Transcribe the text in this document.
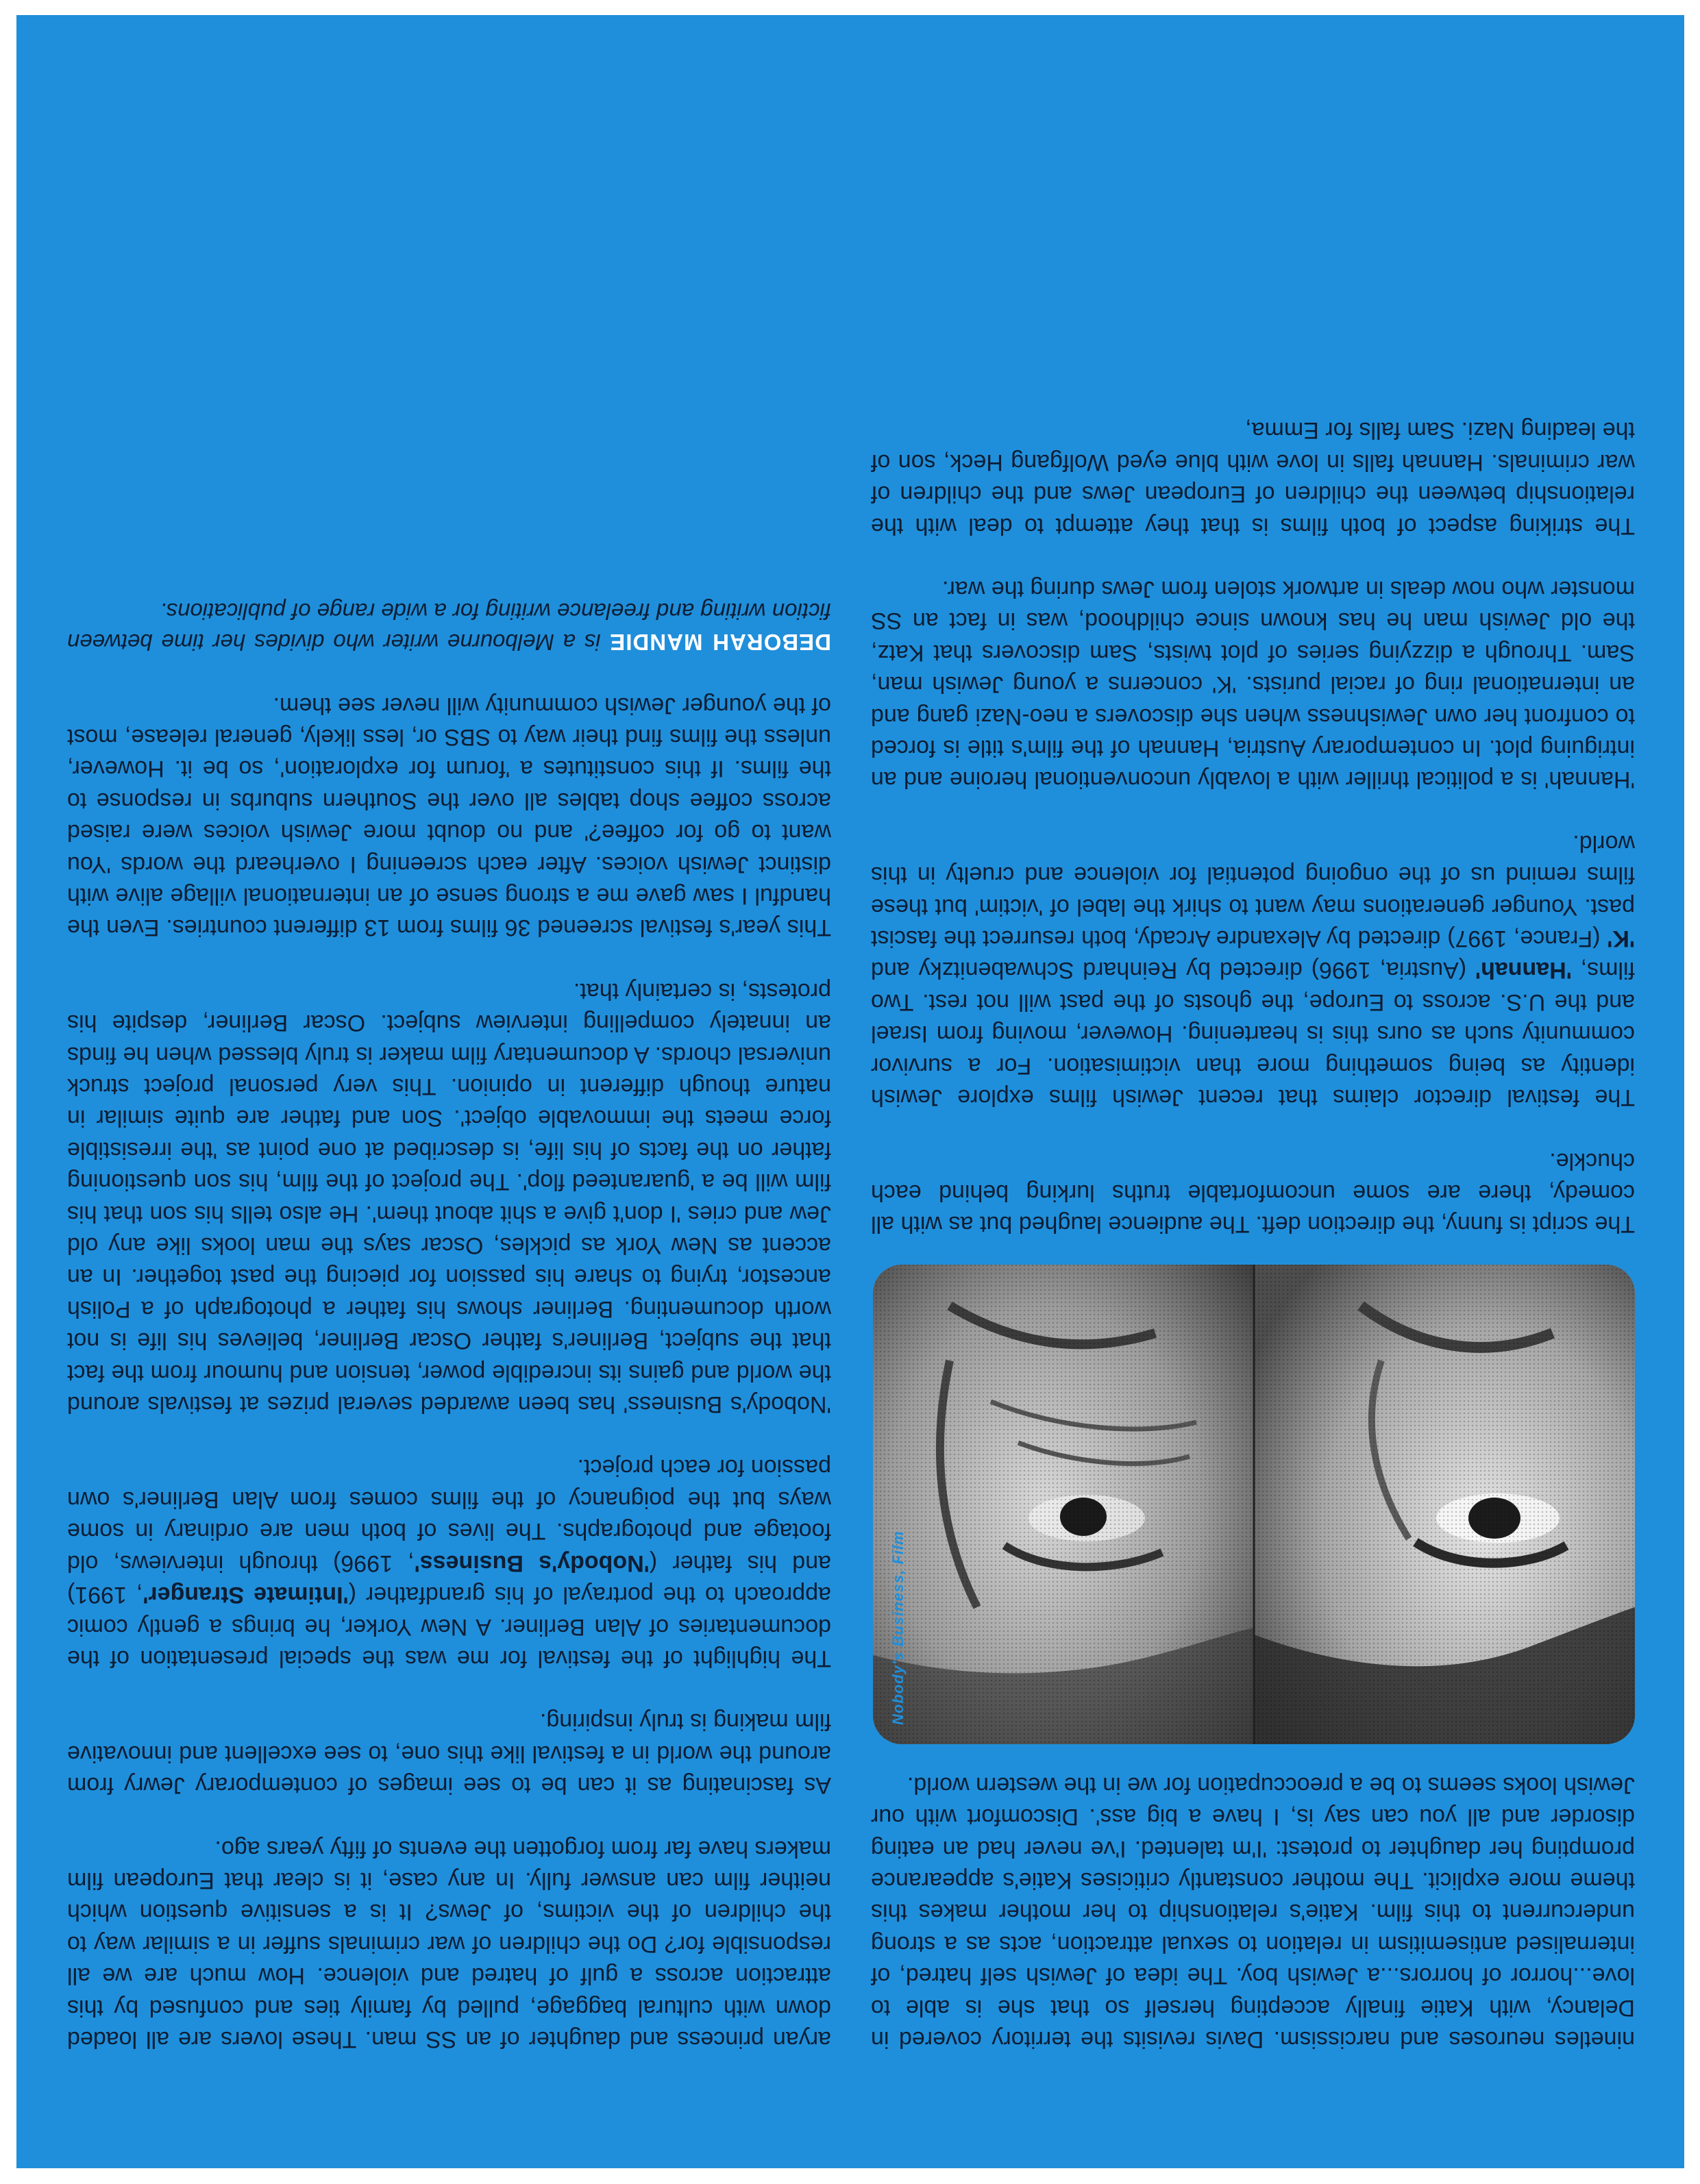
ninetles neuroses and narcissism. Davis revisits the territory covered in Delancy, with Katie finally accepting herself so that she is able to love...horror of horrors...a Jewish boy. The idea of Jewish self hatred, of internalised antisemitism in relation to sexual attraction, acts as a strong undercurrent to this film. Katie's relationship to her mother makes this theme more explicit. The mother constantly criticises Katie's appearance prompting her daughter to protest: 'I'm talented. I've never had an eating disorder and all you can say is, I have a big ass'. Discomfort with our Jewish looks seems to be a preoccupation for we in the western world.

Nobody's Business, Film

The script is funny, the direction deft. The audience laughed but as with all comedy, there are some uncomfortable truths lurking behind each chuckle.

The festival director claims that recent Jewish films explore Jewish identity as being something more than victimisation. For a survivor community such as ours this is heartening. However, moving from Israel and the U.S. across to Europe, the ghosts of the past will not rest. Two films, 'Hannah' (Austria, 1996) directed by Reinhard Schwabenitzky and 'K' (France, 1997) directed by Alexandre Arcady, both resurrect the fascist past. Younger generations may want to shirk the label of 'victim' but these films remind us of the ongoing potential for violence and cruelty in this world.

'Hannah' is a political thriller with a lovably unconventional heroine and an intriguing plot. In contemporary Austria, Hannah of the film's title is forced to confront her own Jewishness when she discovers a neo-Nazi gang and an international ring of racial purists. 'K' concerns a young Jewish man, Sam. Through a dizzying series of plot twists, Sam discovers that Katz, the old Jewish man he has known since childhood, was in fact an SS monster who now deals in artwork stolen from Jews during the war.

The striking aspect of both films is that they attempt to deal with the relationship between the children of European Jews and the children of war criminals. Hannah falls in love with blue eyed Wolfgang Heck, son of the leading Nazi. Sam falls for Emma,

aryan princess and daughter of an SS man. These lovers are all loaded down with cultural baggage, pulled by family ties and confused by this attraction across a gulf of hatred and violence. How much are we all responsible for? Do the children of war criminals suffer in a similar way to the children of the victims, of Jews? It is a sensitive question which neither film can answer fully. In any case, it is clear that European film makers have far from forgotten the events of fifty years ago.

As fascinating as it can be to see images of contemporary Jewry from around the world in a festival like this one, to see excellent and innovative film making is truly inspiring.

The highlight of the festival for me was the special presentation of the documentaries of Alan Berliner. A New Yorker, he brings a gently comic approach to the portrayal of his grandfather ('Intimate Stranger', 1991) and his father ('Nobody's Business', 1996) through interviews, old footage and photographs. The lives of both men are ordinary in some ways but the poignancy of the films comes from Alan Berliner's own passion for each project.

'Nobody's Business' has been awarded several prizes at festivals around the world and gains its incredible power, tension and humour from the fact that the subject, Berliner's father Oscar Berliner, believes his life is not worth documenting. Berliner shows his father a photograph of a Polish ancestor, trying to share his passion for piecing the past together. In an accent as New York as pickles, Oscar says the man looks like any old Jew and cries 'I don't give a shit about them'. He also tells his son that his film will be a 'guaranteed flop'. The project of the film, his son questioning father on the facts of his life, is described at one point as 'the irresistible force meets the immovable object'. Son and father are quite similar in nature though different in opinion. This very personal project struck universal chords. A documentary film maker is truly blessed when he finds an innately compelling interview subject. Oscar Berliner, despite his protests, is certainly that.

This year's festival screened 36 films from 13 different countries. Even the handful I saw gave me a strong sense of an international village alive with distinct Jewish voices. After each screening I overheard the words 'You want to go for coffee?' and no doubt more Jewish voices were raised across coffee shop tables all over the Southern suburbs in response to the films. If this constitutes a 'forum for exploration', so be it. However, unless the films find their way to SBS or, less likely, general release, most of the younger Jewish community will never see them.

DEBORAH MANDIE is a Melbourne writer who divides her time between fiction writing and freelance writing for a wide range of publications.
